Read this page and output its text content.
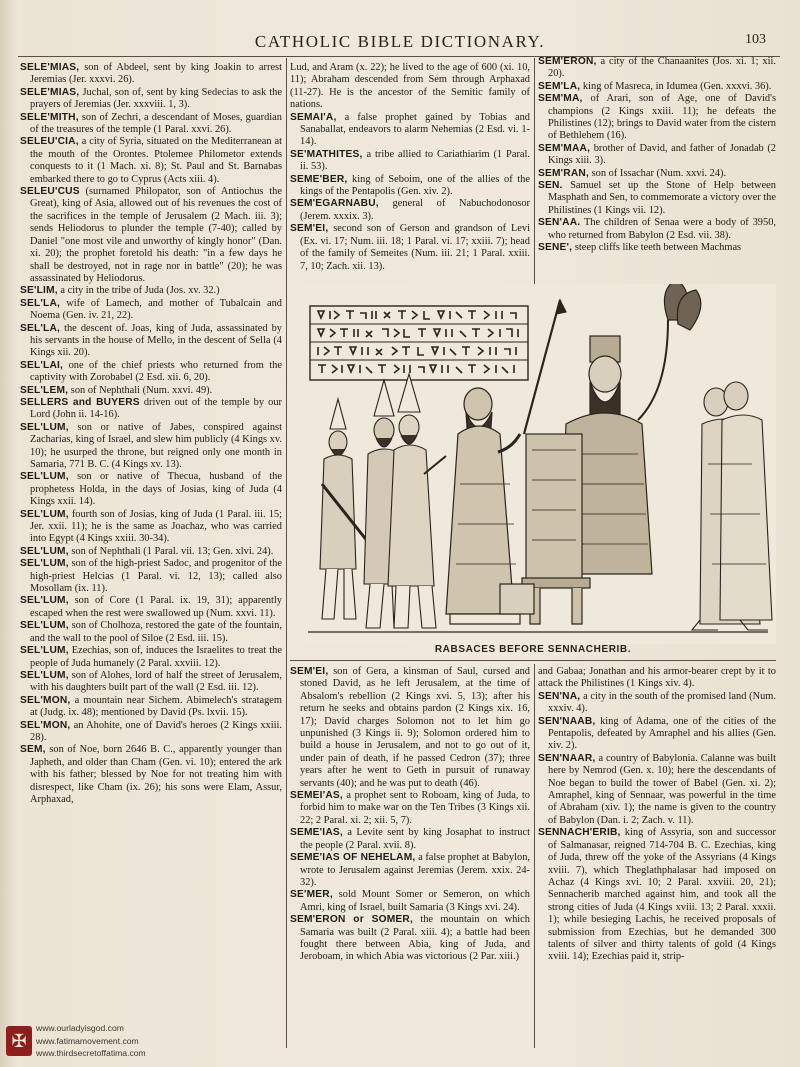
CATHOLIC BIBLE DICTIONARY.	103

SELE'MIAS, son of Abdeel, sent by king Joakin to arrest Jeremias (Jer. xxxvi. 26).

SELE'MIAS, Juchal, son of, sent by king Sedecias to ask the prayers of Jeremias (Jer. xxxviii. 1, 3).

SELE'MITH, son of Zechri, a descendant of Moses, guardian of the treasures of the temple (1 Paral. xxvi. 26).

SELEU'CIA, a city of Syria, situated on the Mediterranean at the mouth of the Orontes. Ptolemee Philometor extends conquests to it (1 Mach. xi. 8); St. Paul and St. Barnabas embarked there to go to Cyprus (Acts xiii. 4).

SELEU'CUS (surnamed Philopator, son of Antiochus the Great), king of Asia, allowed out of his revenues the cost of the sacrifices in the temple of Jerusalem (2 Mach. iii. 3); sends Heliodorus to plunder the temple (7-40); called by Daniel "one most vile and unworthy of kingly honor" (Dan. xi. 20); the prophet foretold his death: "in a few days he shall be destroyed, not in rage nor in battle" (20); he was assassinated by Heliodorus.

SE'LIM, a city in the tribe of Juda (Jos. xv. 32.)

SEL'LA, wife of Lamech, and mother of Tubalcain and Noema (Gen. iv. 21, 22).

SEL'LA, the descent of. Joas, king of Juda, assassinated by his servants in the house of Mello, in the descent of Sella (4 Kings xii. 20).

SEL'LAI, one of the chief priests who returned from the captivity with Zorobabel (2 Esd. xii. 6, 20).

SEL'LEM, son of Nephthali (Num. xxvi. 49).

SELLERS and BUYERS driven out of the temple by our Lord (John ii. 14-16).

SEL'LUM, son or native of Jabes, conspired against Zacharias, king of Israel, and slew him publicly (4 Kings xv. 10); he usurped the throne, but reigned only one month in Samaria, 771 B. C. (4 Kings xv. 13).

SEL'LUM, son or native of Thecua, husband of the prophetess Holda, in the days of Josias, king of Juda (4 Kings xxii. 14).

SEL'LUM, fourth son of Josias, king of Juda (1 Paral. iii. 15; Jer. xxii. 11); he is the same as Joachaz, who was carried into Egypt (4 Kings xxiii. 30-34).

SEL'LUM, son of Nephthali (1 Paral. vii. 13; Gen. xlvi. 24).

SEL'LUM, son of the high-priest Sadoc, and progenitor of the high-priest Helcias (1 Paral. vi. 12, 13); called also Mosollam (ix. 11).

SEL'LUM, son of Core (1 Paral. ix. 19, 31); apparently escaped when the rest were swallowed up (Num. xxvi. 11).

SEL'LUM, son of Cholhoza, restored the gate of the fountain, and the wall to the pool of Siloe (2 Esd. iii. 15).

SEL'LUM, Ezechias, son of, induces the Israelites to treat the people of Juda humanely (2 Paral. xxviii. 12).

SEL'LUM, son of Alohes, lord of half the street of Jerusalem, with his daughters built part of the wall (2 Esd. iii. 12).

SEL'MON, a mountain near Sichem. Abimelech's stratagem at (Judg. ix. 48); mentioned by David (Ps. lxvii. 15).

SEL'MON, an Ahohite, one of David's heroes (2 Kings xxiii. 28).

SEM, son of Noe, born 2646 B. C., apparently younger than Japheth, and older than Cham (Gen. vi. 10); entered the ark with his father; blessed by Noe for not treating him with disrespect, like Cham (ix. 26); his sons were Elam, Assur, Arphaxad,

Lud, and Aram (x. 22); he lived to the age of 600 (xi. 10, 11); Abraham descended from Sem through Arphaxad (11-27). He is the ancestor of the Semitic family of nations.

SEMAI'A, a false prophet gained by Tobias and Sanaballat, endeavors to alarm Nehemias (2 Esd. vi. 1-14).

SE'MATHITES, a tribe allied to Cariathiarim (1 Paral. ii. 53).

SEME'BER, king of Seboim, one of the allies of the kings of the Pentapolis (Gen. xiv. 2).

SEM'EGARNABU, general of Nabuchodonosor (Jerem. xxxix. 3).

SEM'EI, second son of Gerson and grandson of Levi (Ex. vi. 17; Num. iii. 18; 1 Paral. vi. 17; xxiii. 7); head of the family of Semeites (Num. iii. 21; 1 Paral. xxiii. 7, 10; Zach. xii. 13).

SEM'ERON, a city of the Chanaanites (Jos. xi. 1; xii. 20).

SEM'LA, king of Masreca, in Idumea (Gen. xxxvi. 36).

SEM'MA, of Arari, son of Age, one of David's champions (2 Kings xxiii. 11); he defeats the Philistines (12); brings to David water from the cistern of Bethlehem (16).

SEM'MAA, brother of David, and father of Jonadab (2 Kings xiii. 3).

SEM'RAN, son of Issachar (Num. xxvi. 24).

SEN. Samuel set up the Stone of Help between Masphath and Sen, to commemorate a victory over the Philistines (1 Kings vii. 12).

SEN'AA. The children of Senaa were a body of 3950, who returned from Babylon (2 Esd. vii. 38).

SENE', steep cliffs like teeth between Machmas

SEM'EI, son of Gera, a kinsman of Saul, cursed and stoned David, as he left Jerusalem, at the time of Absalom's rebellion (2 Kings xvi. 5, 13); after his return he seeks and obtains pardon (2 Kings xix. 16, 17); David charges Solomon not to let him go unpunished (3 Kings ii. 9); Solomon ordered him to build a house in Jerusalem, and not to go out of it, under pain of death, if he passed Cedron (37); three years after he went to Geth in pursuit of runaway servants (40); and he was put to death (46).

SEMEI'AS, a prophet sent to Roboam, king of Juda, to forbid him to make war on the Ten Tribes (3 Kings xii. 22; 2 Paral. xi. 2; xii. 5, 7).

SEME'IAS, a Levite sent by king Josaphat to instruct the people (2 Paral. xvii. 8).

SEME'IAS OF NEHELAM, a false prophet at Babylon, wrote to Jerusalem against Jeremias (Jerem. xxix. 24-32).

SE'MER, sold Mount Somer or Semeron, on which Amri, king of Israel, built Samaria (3 Kings xvi. 24).

SEM'ERON or SOMER, the mountain on which Samaria was built (2 Paral. xiii. 4); a battle had been fought there between Abia, king of Juda, and Jeroboam, in which Abia was victorious (2 Par. xiii.)

and Gabaa; Jonathan and his armor-bearer crept by it to attack the Philistines (1 Kings xiv. 4).

SEN'NA, a city in the south of the promised land (Num. xxxiv. 4).

SEN'NAAB, king of Adama, one of the cities of the Pentapolis, defeated by Amraphel and his allies (Gen. xiv. 2).

SEN'NAAR, a country of Babylonia. Calanne was built here by Nemrod (Gen. x. 10); here the descendants of Noe began to build the tower of Babel (Gen. xi. 2); Amraphel, king of Sennaar, was powerful in the time of Abraham (xiv. 1); the name is given to the country of Babylon (Dan. i. 2; Zach. v. 11).

SENNACH'ERIB, king of Assyria, son and successor of Salmanasar, reigned 714-704 B. C. Ezechias, king of Juda, threw off the yoke of the Assyrians (4 Kings xviii. 7), which Theglathphalasar had imposed on Achaz (4 Kings xvi. 10; 2 Paral. xxviii. 20, 21); Sennacherib marched against him, and took all the strong cities of Juda (4 Kings xviii. 13; 2 Paral. xxxii. 1); while besieging Lachis, he received proposals of submission from Ezechias, but he demanded 300 talents of silver and thirty talents of gold (4 Kings xviii. 14); Ezechias paid it, strip-

RABSACES BEFORE SENNACHERIB.
✠
www.ourladyisgod.com
www.fatimamovement.com
www.thirdsecretoffatima.com
